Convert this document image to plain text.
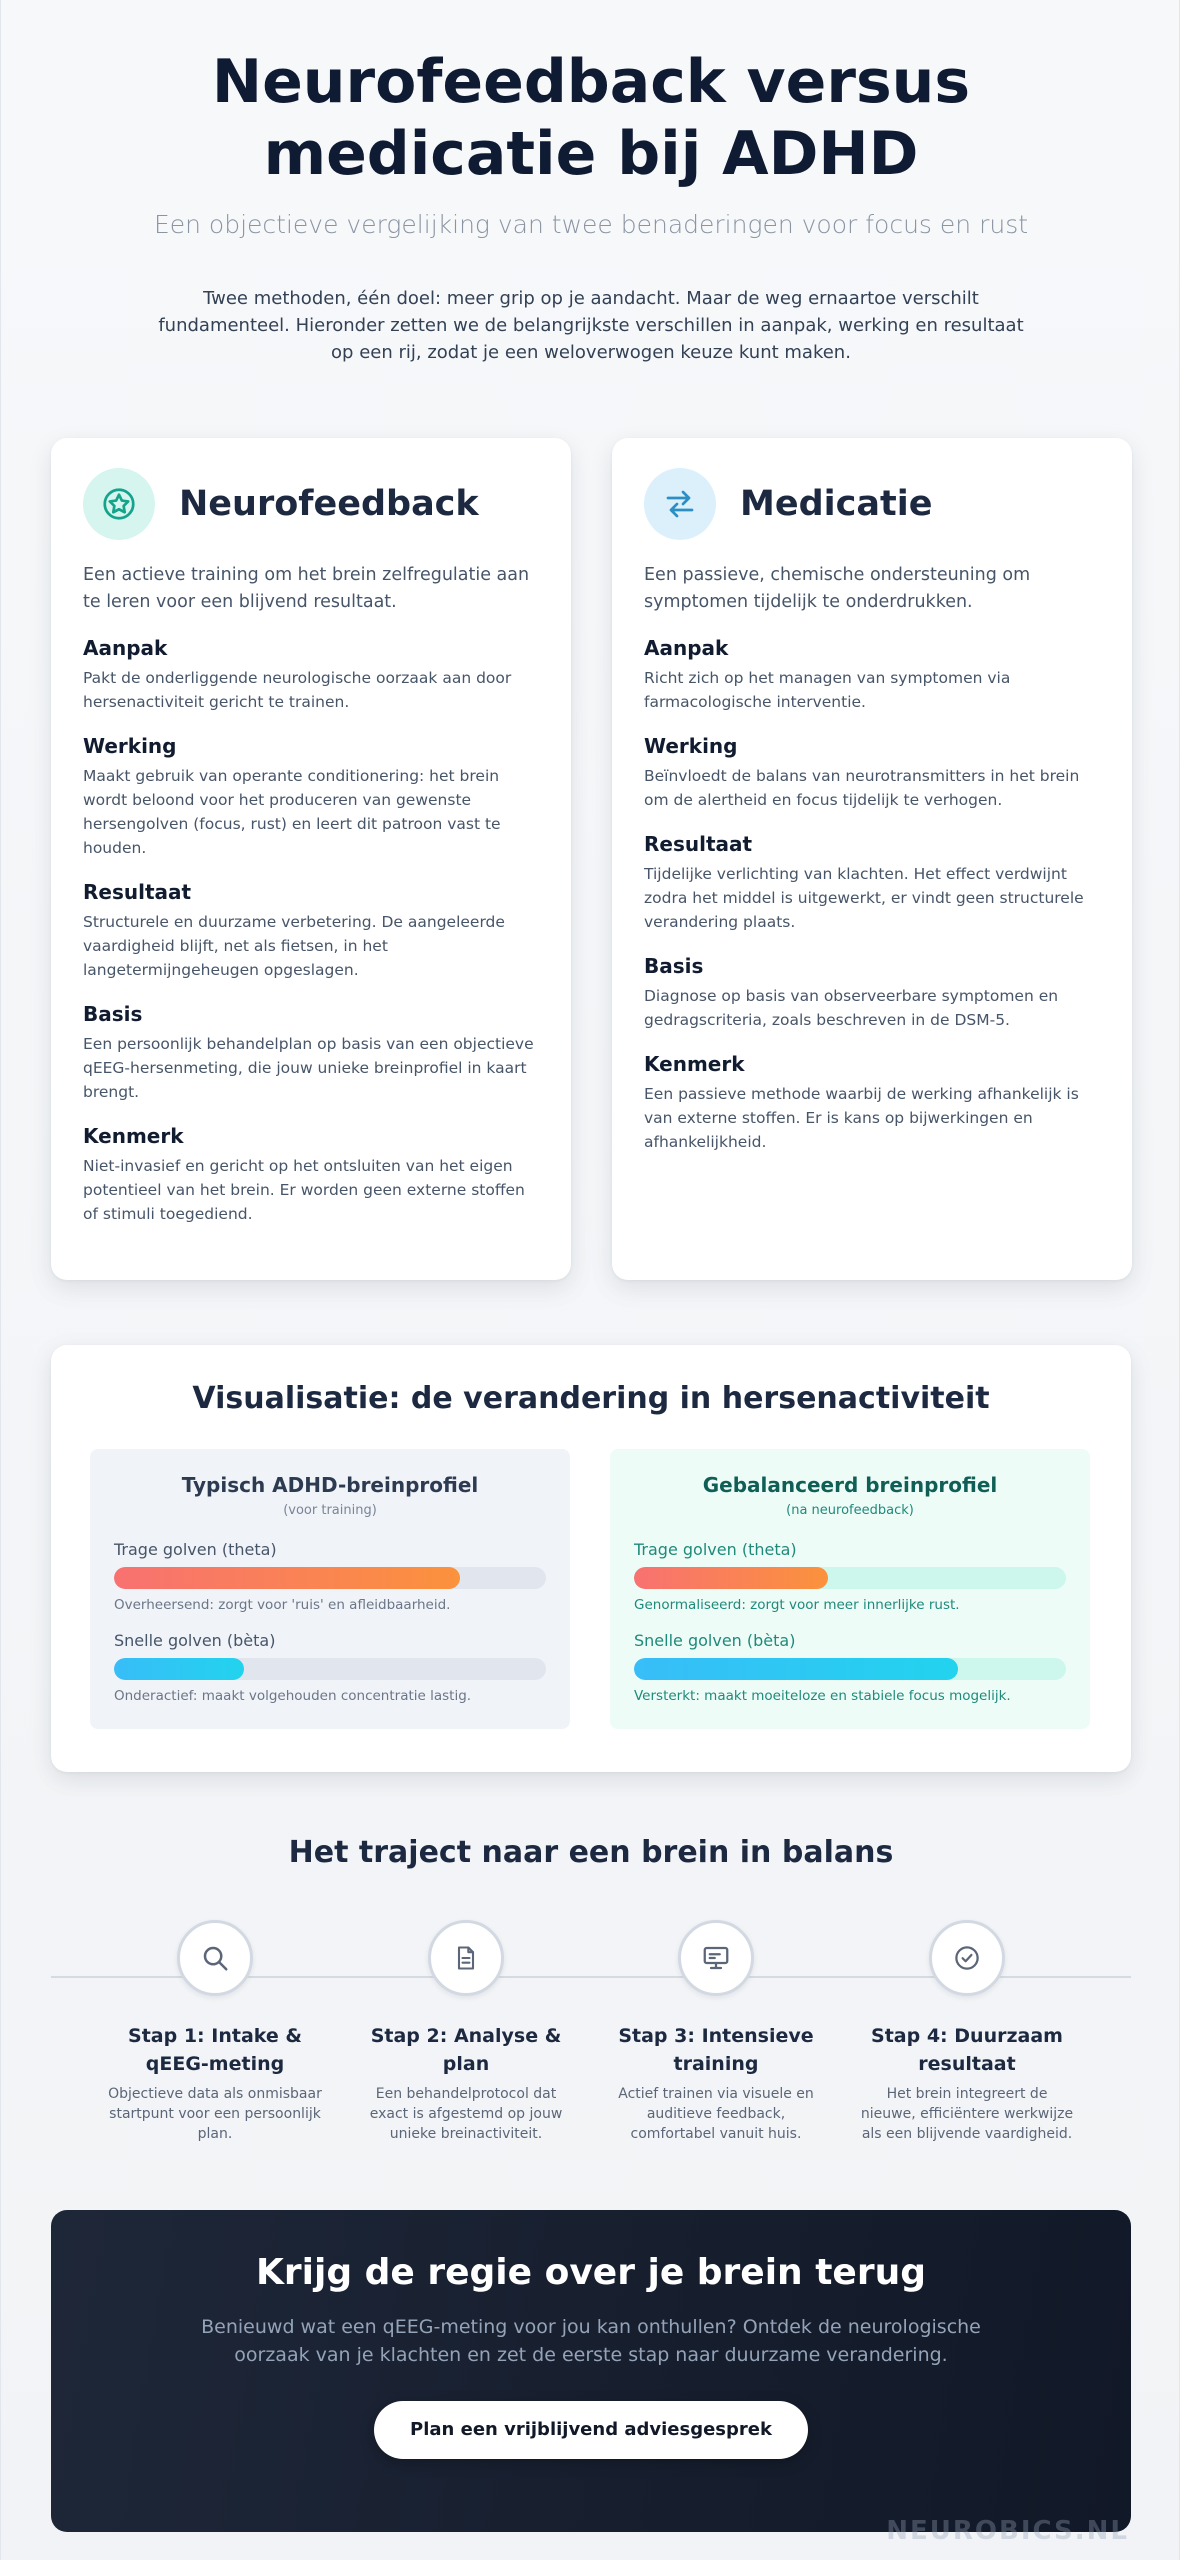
Neurofeedback versus medicatie bij ADHD
Een objectieve vergelijking van twee benaderingen voor focus en rust

Twee methoden, één doel: meer grip op je aandacht. Maar de weg ernaartoe verschilt fundamenteel. Hieronder zetten we de belangrijkste verschillen in aanpak, werking en resultaat op een rij, zodat je een weloverwogen keuze kunt maken.

Neurofeedback

Een actieve training om het brein zelfregulatie aan te leren voor een blijvend resultaat.

Aanpak

Pakt de onderliggende neurologische oorzaak aan door hersenactiviteit gericht te trainen.

Werking

Maakt gebruik van operante conditionering: het brein wordt beloond voor het produceren van gewenste hersengolven (focus, rust) en leert dit patroon vast te houden.

Resultaat

Structurele en duurzame verbetering. De aangeleerde vaardigheid blijft, net als fietsen, in het langetermijngeheugen opgeslagen.

Basis

Een persoonlijk behandelplan op basis van een objectieve qEEG-hersenmeting, die jouw unieke breinprofiel in kaart brengt.

Kenmerk

Niet-invasief en gericht op het ontsluiten van het eigen potentieel van het brein. Er worden geen externe stoffen of stimuli toegediend.

Medicatie

Een passieve, chemische ondersteuning om symptomen tijdelijk te onderdrukken.

Aanpak

Richt zich op het managen van symptomen via farmacologische interventie.

Werking

Beïnvloedt de balans van neurotransmitters in het brein om de alertheid en focus tijdelijk te verhogen.

Resultaat

Tijdelijke verlichting van klachten. Het effect verdwijnt zodra het middel is uitgewerkt, er vindt geen structurele verandering plaats.

Basis

Diagnose op basis van observeerbare symptomen en gedragscriteria, zoals beschreven in de DSM-5.

Kenmerk

Een passieve methode waarbij de werking afhankelijk is van externe stoffen. Er is kans op bijwerkingen en afhankelijkheid.

Visualisatie: de verandering in hersenactiviteit
Typisch ADHD-breinprofiel
(voor training)
Trage golven (theta)
Overheersend: zorgt voor 'ruis' en afleidbaarheid.
Snelle golven (bèta)
Onderactief: maakt volgehouden concentratie lastig.
Gebalanceerd breinprofiel
(na neurofeedback)
Trage golven (theta)
Genormaliseerd: zorgt voor meer innerlijke rust.
Snelle golven (bèta)
Versterkt: maakt moeiteloze en stabiele focus mogelijk.
Het traject naar een brein in balans
Stap 1: Intake & qEEG-meting

Objectieve data als onmisbaar startpunt voor een persoonlijk plan.

Stap 2: Analyse & plan

Een behandelprotocol dat exact is afgestemd op jouw unieke breinactiviteit.

Stap 3: Intensieve training

Actief trainen via visuele en auditieve feedback, comfortabel vanuit huis.

Stap 4: Duurzaam resultaat

Het brein integreert de nieuwe, efficiëntere werkwijze als een blijvende vaardigheid.

Krijg de regie over je brein terug

Benieuwd wat een qEEG-meting voor jou kan onthullen? Ontdek de neurologische oorzaak van je klachten en zet de eerste stap naar duurzame verandering.

Plan een vrijblijvend adviesgesprek
NEUROBICS.NL
